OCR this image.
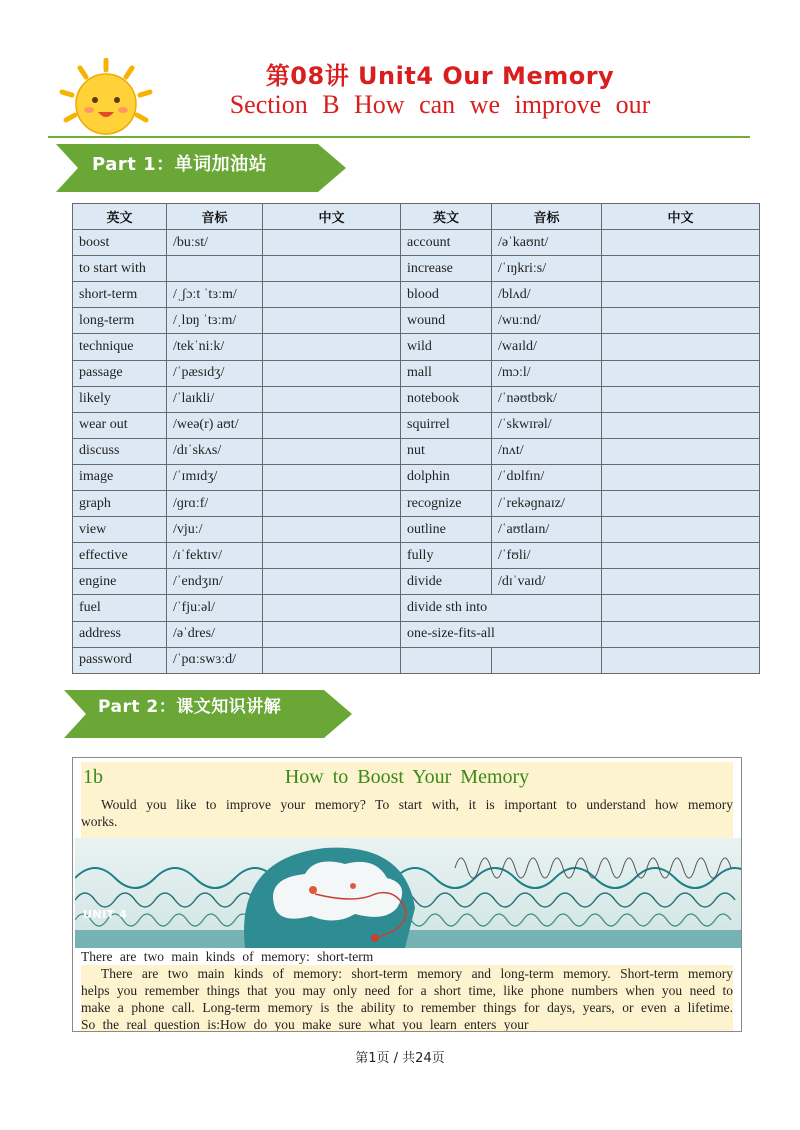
第08讲 Unit4 Our Memory
Section B How can we improve our
Part 1：单词加油站
英文	音标	中文	英文	音标	中文
boost	/buːst/		account	/əˈkaʊnt/	
to start with			increase	/ˈɪŋkriːs/	
short-term	/ˌʃɔːt ˈtɜːm/		blood	/blʌd/	
long-term	/ˌlɒŋ ˈtɜːm/		wound	/wuːnd/	
technique	/tekˈniːk/		wild	/waɪld/	
passage	/ˈpæsɪdʒ/		mall	/mɔːl/	
likely	/ˈlaɪkli/		notebook	/ˈnəʊtbʊk/	
wear out	/weə(r) aʊt/		squirrel	/ˈskwɪrəl/	
discuss	/dɪˈskʌs/		nut	/nʌt/	
image	/ˈɪmɪdʒ/		dolphin	/ˈdɒlfɪn/	
graph	/ɡrɑːf/		recognize	/ˈrekəɡnaɪz/	
view	/vjuː/		outline	/ˈaʊtlaɪn/	
effective	/ɪˈfektɪv/		fully	/ˈfʊli/	
engine	/ˈendʒɪn/		divide	/dɪˈvaɪd/	
fuel	/ˈfjuːəl/		divide sth into		
address	/əˈdres/		one-size-fits-all		
password	/ˈpɑːswɜːd/				
Part 2：课文知识讲解
1b	How to Boost Your Memory
Would you like to improve your memory? To start with, it is important to understand how memory works.
UNIT 4
There are two main kinds of memory: short-term
There are two main kinds of memory: short-term memory and long-term memory. Short-term memory helps you remember things that you may only need for a short time, like phone numbers when you need to make a phone call. Long-term memory is the ability to remember things for days, years, or even a lifetime. So the real question is:How do you make sure what you learn enters your
第1页 / 共24页
